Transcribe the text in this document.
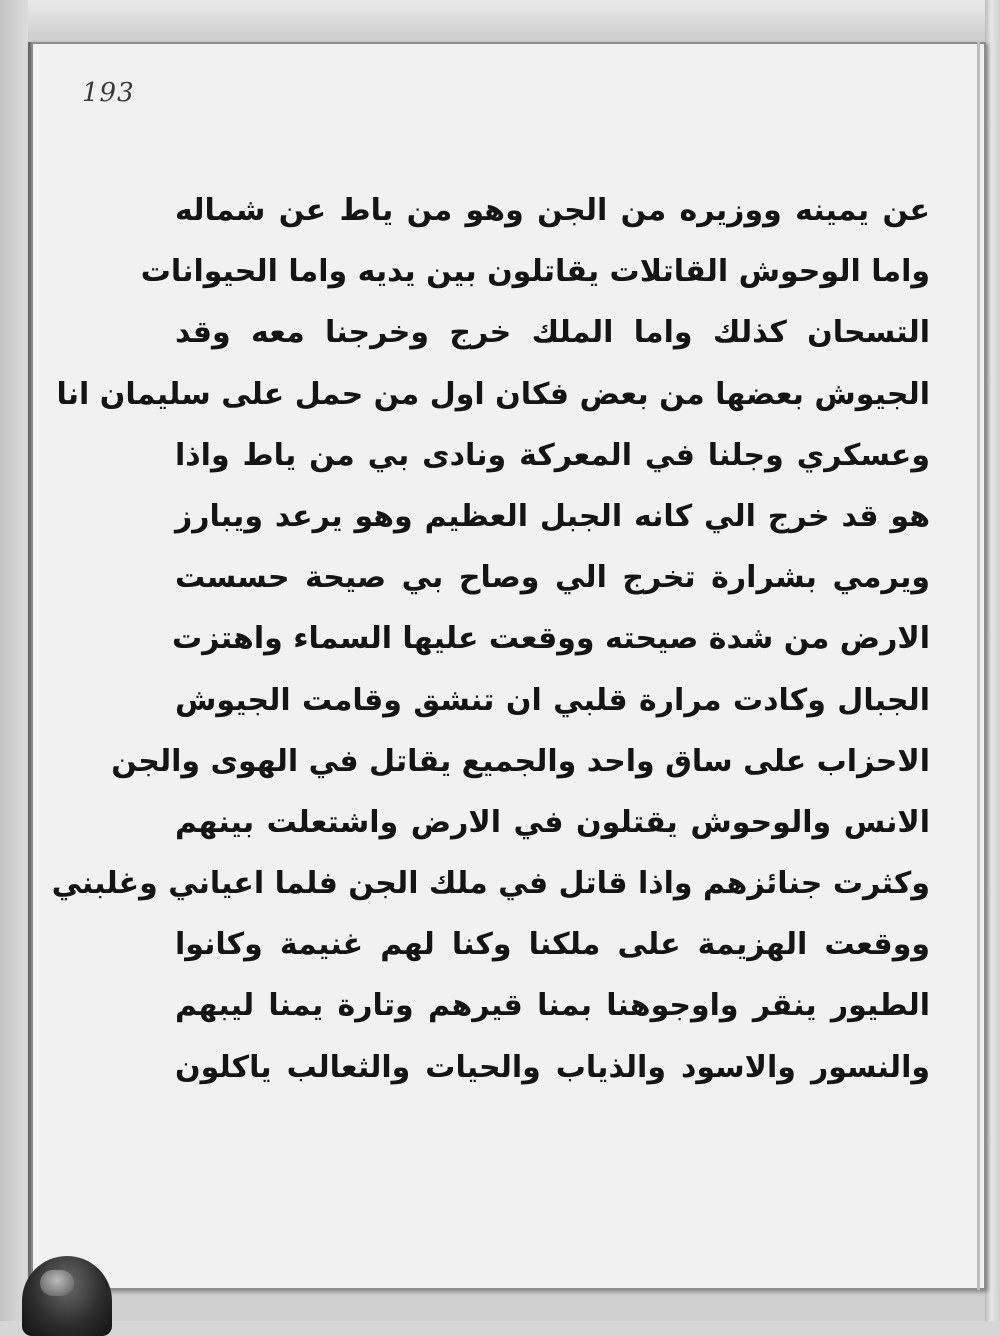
193
عن يمينه ووزيره من الجن وهو من ياط عن شماله
واما الوحوش القاتلات يقاتلون بين يديه واما الحيوانات
التسحان كذلك واما الملك خرج وخرجنا معه وقد
الجيوش بعضها من بعض فكان اول من حمل على سليمان انا
وعسكري وجلنا في المعركة ونادى بي من ياط واذا
هو قد خرج الي كانه الجبل العظيم وهو يرعد ويبارز
ويرمي بشرارة تخرج الي وصاح بي صيحة حسست
الارض من شدة صيحته ووقعت عليها السماء واهتزت
الجبال وكادت مرارة قلبي ان تنشق وقامت الجيوش
الاحزاب على ساق واحد والجميع يقاتل في الهوى والجن
الانس والوحوش يقتلون في الارض واشتعلت بينهم
وكثرت جنائزهم واذا قاتل في ملك الجن فلما اعياني وغلبني
ووقعت الهزيمة على ملكنا وكنا لهم غنيمة وكانوا
الطيور ينقر واوجوهنا بمنا قيرهم وتارة يمنا ليبهم
والنسور والاسود والذياب والحيات والثعالب ياكلون
